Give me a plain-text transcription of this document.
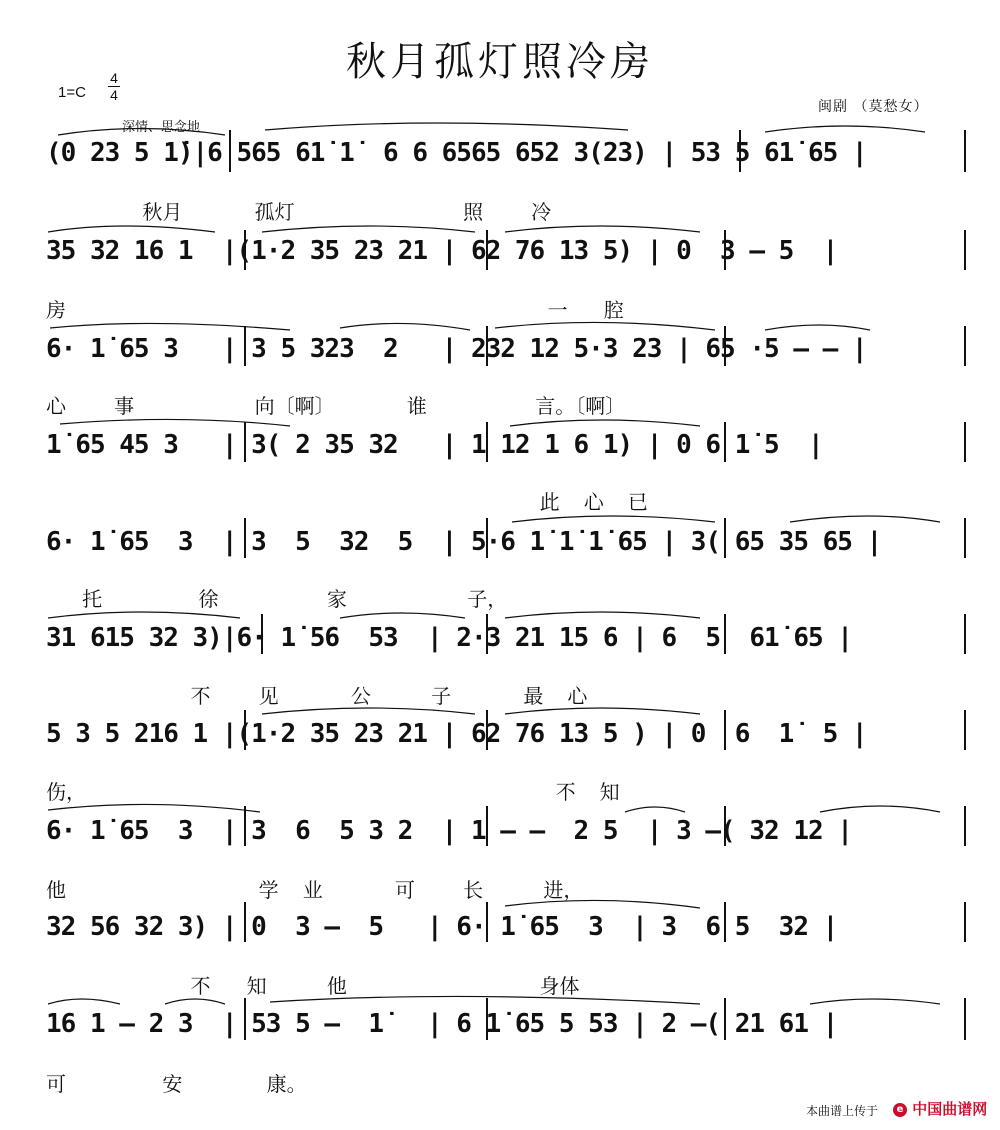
秋月孤灯照冷房
1=C
4
4
深情、思念地
闽剧 （莫愁女）
(0 23 5 1̇)|6 565 61̇ 1̇  6 6 6565 652 3(23) | 53 5 61̇ 65 |
秋月      孤灯              照    冷
35 32 16 1  |(1·2 35 23 21 | 62 76 13 5) | 0  3 — 5  |
房                                        一   腔
6· 1̇ 65 3   | 3 5 323  2   | 232 12 5·3 23 | 65 ·5 — — |
心    事          向〔啊〕      谁         言。〔啊〕
1̇ 65 45 3   | 3( 2 35 32   | 1 12 1 6 1) | 0 6 1̇ 5  |
此  心  已
6· 1̇ 65  3  | 3  5  32  5  | 5·6 1̇ 1̇ 1̇ 65 | 3( 65 35 65 |
托        徐         家          子，
31 615 32 3)|6· 1̇ 56  53  | 2·3 21 15 6 | 6  5  61̇ 65 |
不    见      公     子      最  心
5 3 5 216 1 |(1·2 35 23 21 | 62 76 13 5 ) | 0  6  1̇  5 |
伤，                                       不  知
6· 1̇ 65  3  | 3  6  5 3 2  | 1 — —  2 5  | 3 —( 32 12 |
他                学  业      可    长     进，
32 56 32 3) | 0  3 —  5   | 6· 1̇ 65  3  | 3  6 5  32 |
不   知     他                身体
16 1 — 2 3  | 53 5 —  1̇   | 6 1̇ 65 5 53 | 2 —( 21 61 |
可        安       康。
本曲谱上传于	e 中国曲谱网
